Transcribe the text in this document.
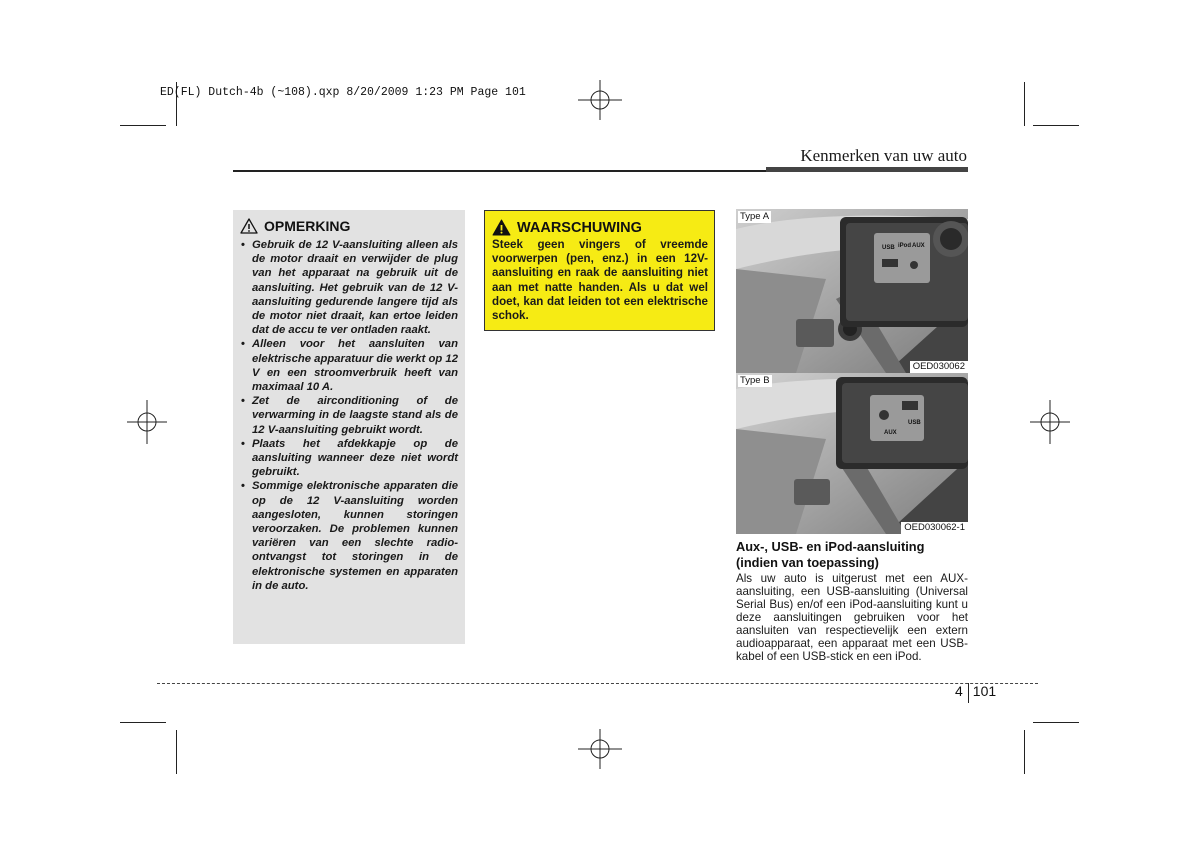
ED(FL) Dutch-4b (~108).qxp 8/20/2009 1:23 PM Page 101
Kenmerken van uw auto
OPMERKING
• Gebruik de 12 V-aansluiting alleen als de motor draait en verwijder de plug van het apparaat na gebruik uit de aansluiting. Het gebruik van de 12 V-aansluiting gedurende langere tijd als de motor niet draait, kan ertoe leiden dat de accu te ver ontladen raakt.
• Alleen voor het aansluiten van elektrische apparatuur die werkt op 12 V en een stroomverbruik heeft van maximaal 10 A.
• Zet de airconditioning of de verwarming in de laagste stand als de 12 V-aansluiting gebruikt wordt.
• Plaats het afdekkapje op de aansluiting wanneer deze niet wordt gebruikt.
• Sommige elektronische apparaten die op de 12 V-aansluiting worden aangesloten, kunnen storingen veroorzaken. De problemen kunnen variëren van een slechte radio-ontvangst tot storingen in de elektronische systemen en apparaten in de auto.
WAARSCHUWING

Steek geen vingers of vreemde voorwerpen (pen, enz.) in een 12V-aansluiting en raak de aansluiting niet aan met natte handen. Als u dat wel doet, kan dat leiden tot een elektrische schok.

USB iPod AUX
Type A
OED030062
AUX
USB
Type B
OED030062-1
Aux-, USB- en iPod-aansluiting (indien van toepassing)

Als uw auto is uitgerust met een AUX-aansluiting, een USB-aansluiting (Universal Serial Bus) en/of een iPod-aansluiting kunt u deze aansluitingen gebruiken voor het aansluiten van respectievelijk een extern audioapparaat, een apparaat met een USB-kabel of een USB-stick en een iPod.

4 101
